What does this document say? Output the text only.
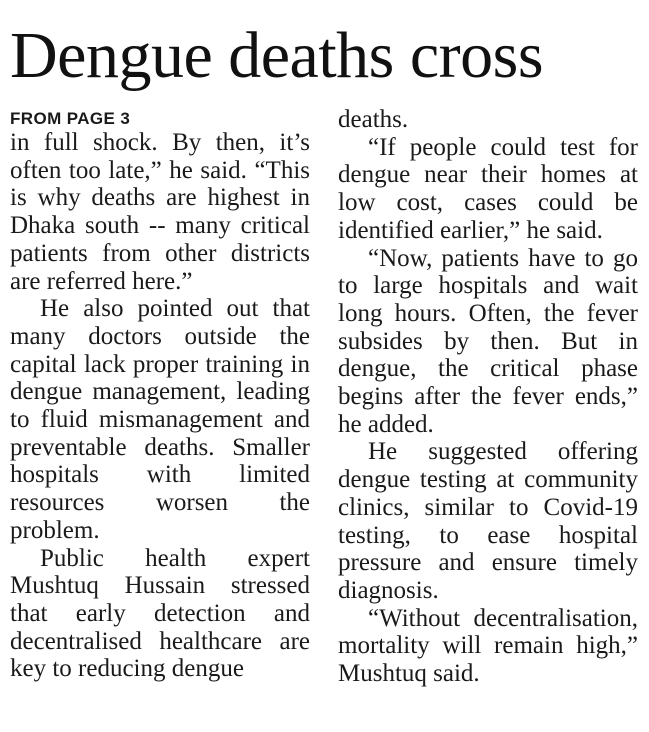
Dengue deaths cross
FROM PAGE 3

in full shock. By then, it’s often too late,” he said. “This is why deaths are highest in Dhaka south -- many critical patients from other districts are referred here.”

He also pointed out that many doctors outside the capital lack proper training in dengue management, leading to fluid mismanagement and preventable deaths. Smaller hospitals with limited resources worsen the problem.

Public health expert Mushtuq Hussain stressed that early detection and decentralised healthcare are key to reducing dengue

deaths.

“If people could test for dengue near their homes at low cost, cases could be identified earlier,” he said.

“Now, patients have to go to large hospitals and wait long hours. Often, the fever subsides by then. But in dengue, the critical phase begins after the fever ends,” he added.

He suggested offering dengue testing at community clinics, similar to Covid-19 testing, to ease hospital pressure and ensure timely diagnosis.

“Without decentralisation, mortality will remain high,” Mushtuq said.
